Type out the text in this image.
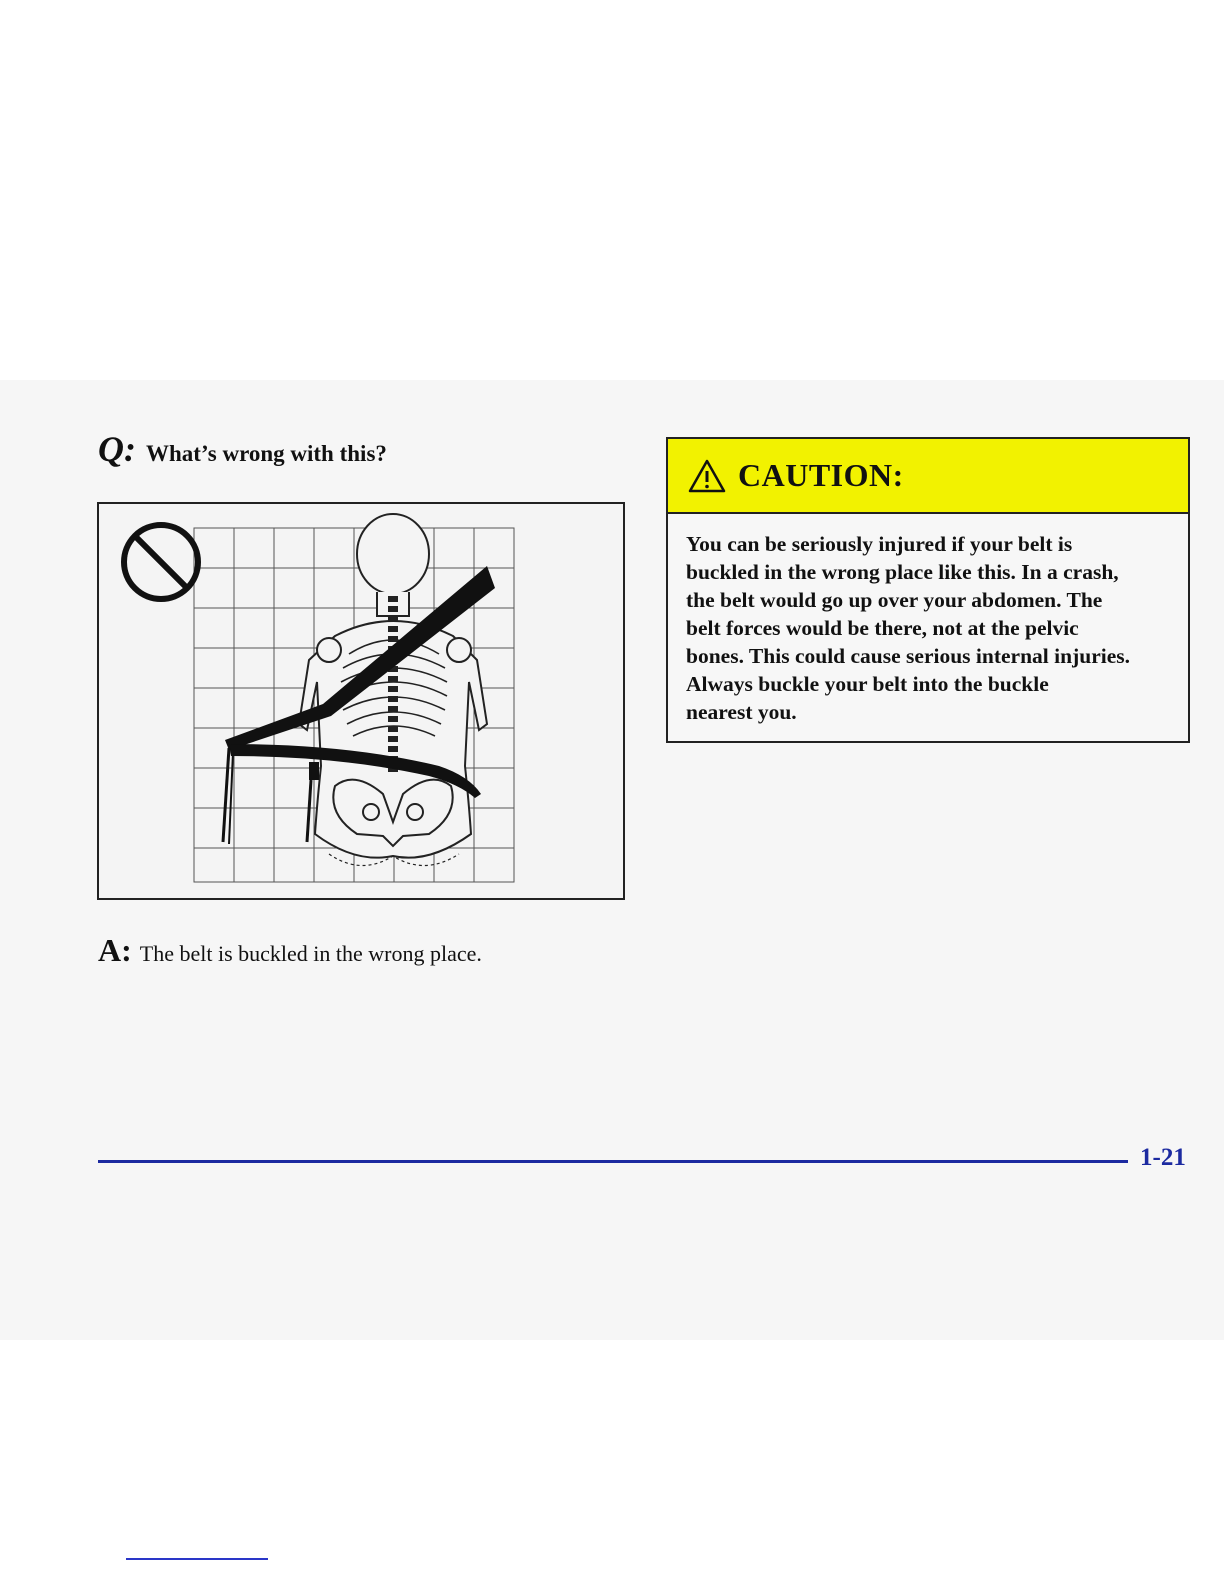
Q: What’s wrong with this?
A: The belt is buckled in the wrong place.
CAUTION:
You can be seriously injured if your belt is
buckled in the wrong place like this. In a crash,
the belt would go up over your abdomen. The
belt forces would be there, not at the pelvic
bones. This could cause serious internal injuries.
Always buckle your belt into the buckle
nearest you.
1-21
